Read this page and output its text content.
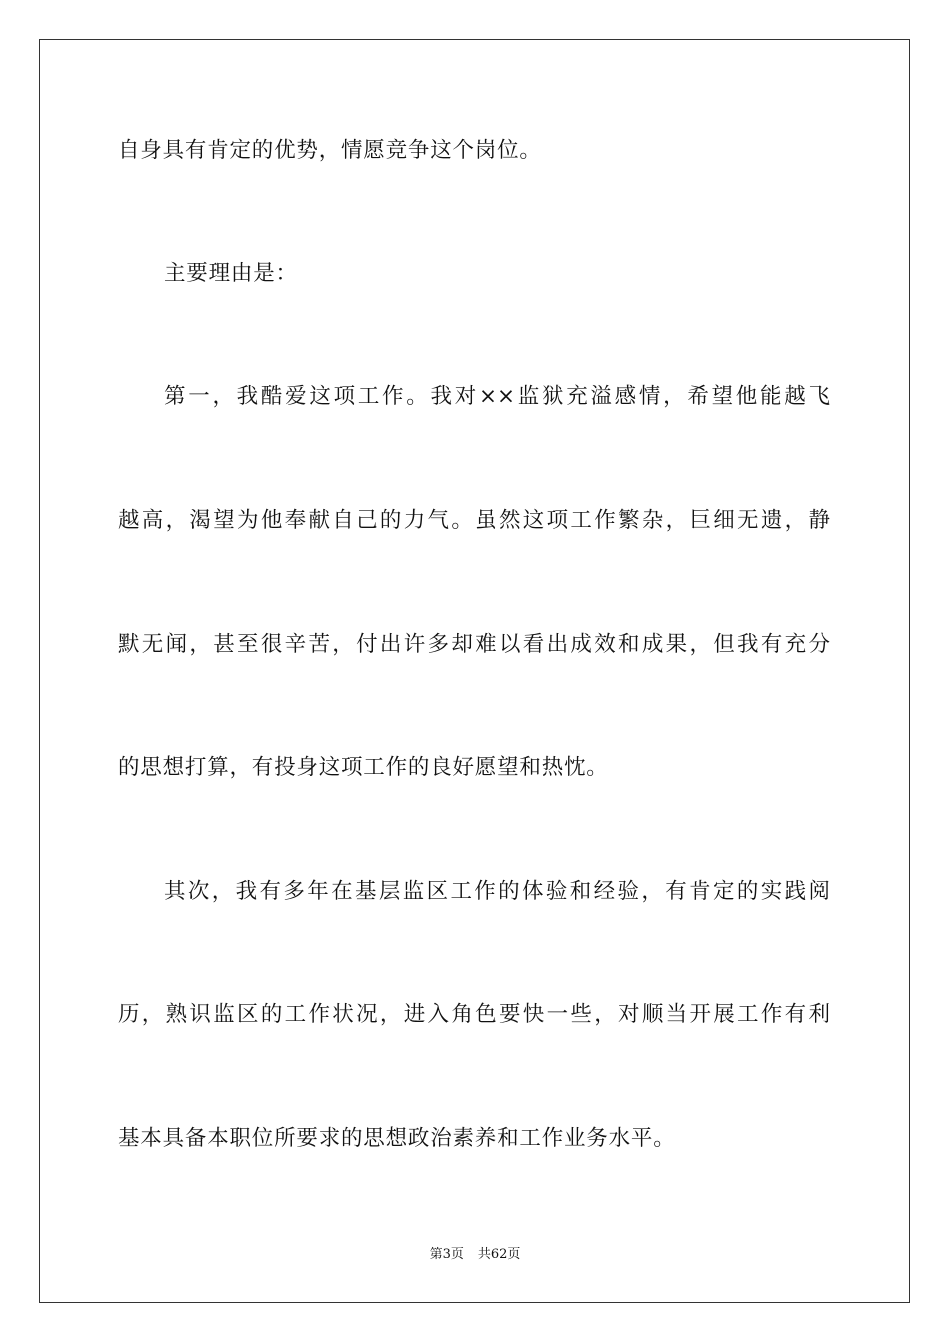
自身具有肯定的优势，情愿竞争这个岗位。
主要理由是：
第一，我酷爱这项工作。我对××监狱充溢感情，希望他能越飞
越高，渴望为他奉献自己的力气。虽然这项工作繁杂，巨细无遗，静
默无闻，甚至很辛苦，付出许多却难以看出成效和成果，但我有充分
的思想打算，有投身这项工作的良好愿望和热忱。
其次，我有多年在基层监区工作的体验和经验，有肯定的实践阅
历，熟识监区的工作状况，进入角色要快一些，对顺当开展工作有利
基本具备本职位所要求的思想政治素养和工作业务水平。
第3页 共62页
